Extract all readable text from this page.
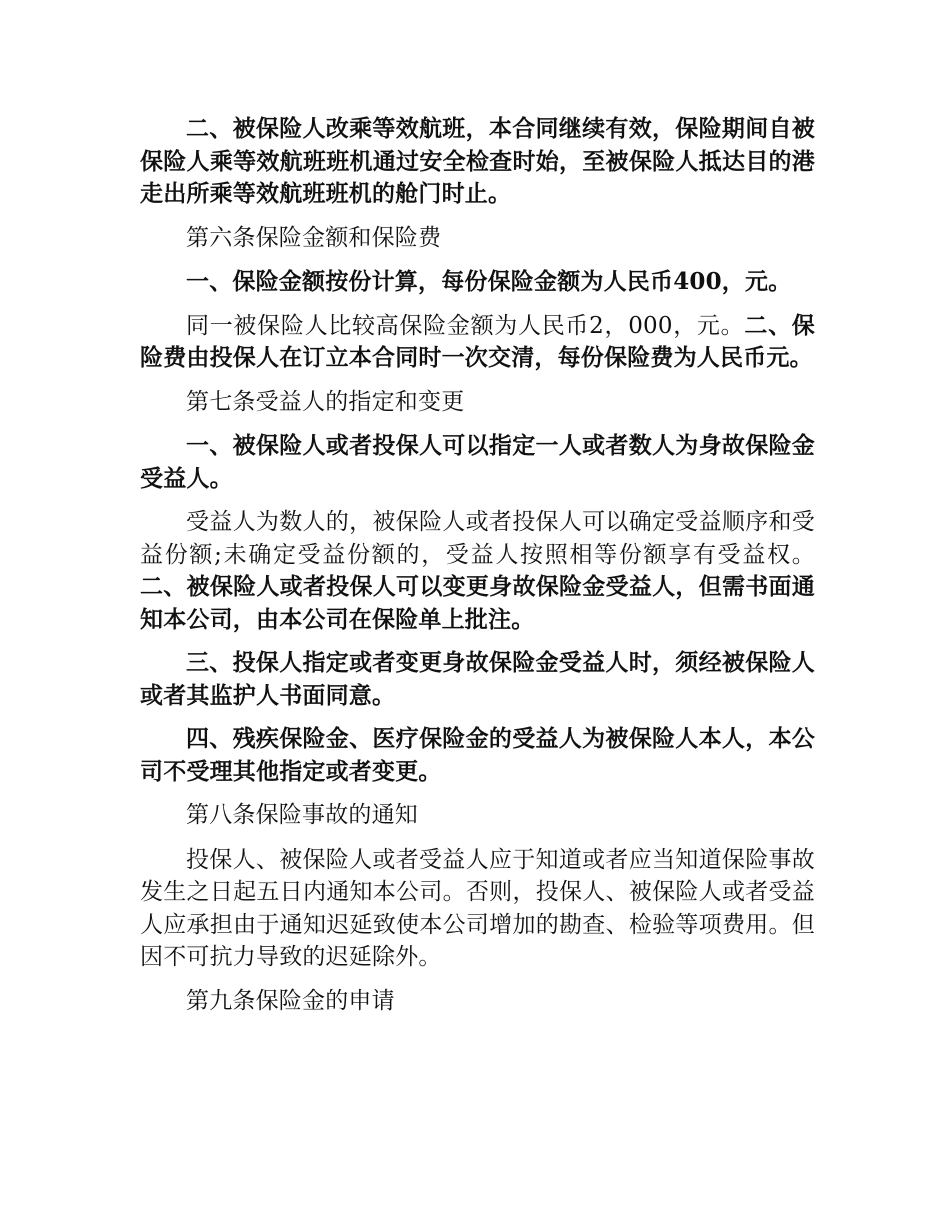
二、被保险人改乘等效航班，本合同继续有效，保险期间自被保险人乘等效航班班机通过安全检查时始，至被保险人抵达目的港走出所乘等效航班班机的舱门时止。

第六条保险金额和保险费

一、保险金额按份计算，每份保险金额为人民币400，元。

同一被保险人比较高保险金额为人民币2，000，元。二、保险费由投保人在订立本合同时一次交清，每份保险费为人民币元。

第七条受益人的指定和变更

一、被保险人或者投保人可以指定一人或者数人为身故保险金受益人。

受益人为数人的，被保险人或者投保人可以确定受益顺序和受益份额;未确定受益份额的，受益人按照相等份额享有受益权。二、被保险人或者投保人可以变更身故保险金受益人，但需书面通知本公司，由本公司在保险单上批注。

三、投保人指定或者变更身故保险金受益人时，须经被保险人或者其监护人书面同意。

四、残疾保险金、医疗保险金的受益人为被保险人本人，本公司不受理其他指定或者变更。

第八条保险事故的通知

投保人、被保险人或者受益人应于知道或者应当知道保险事故发生之日起五日内通知本公司。否则，投保人、被保险人或者受益人应承担由于通知迟延致使本公司增加的勘查、检验等项费用。但因不可抗力导致的迟延除外。

第九条保险金的申请
